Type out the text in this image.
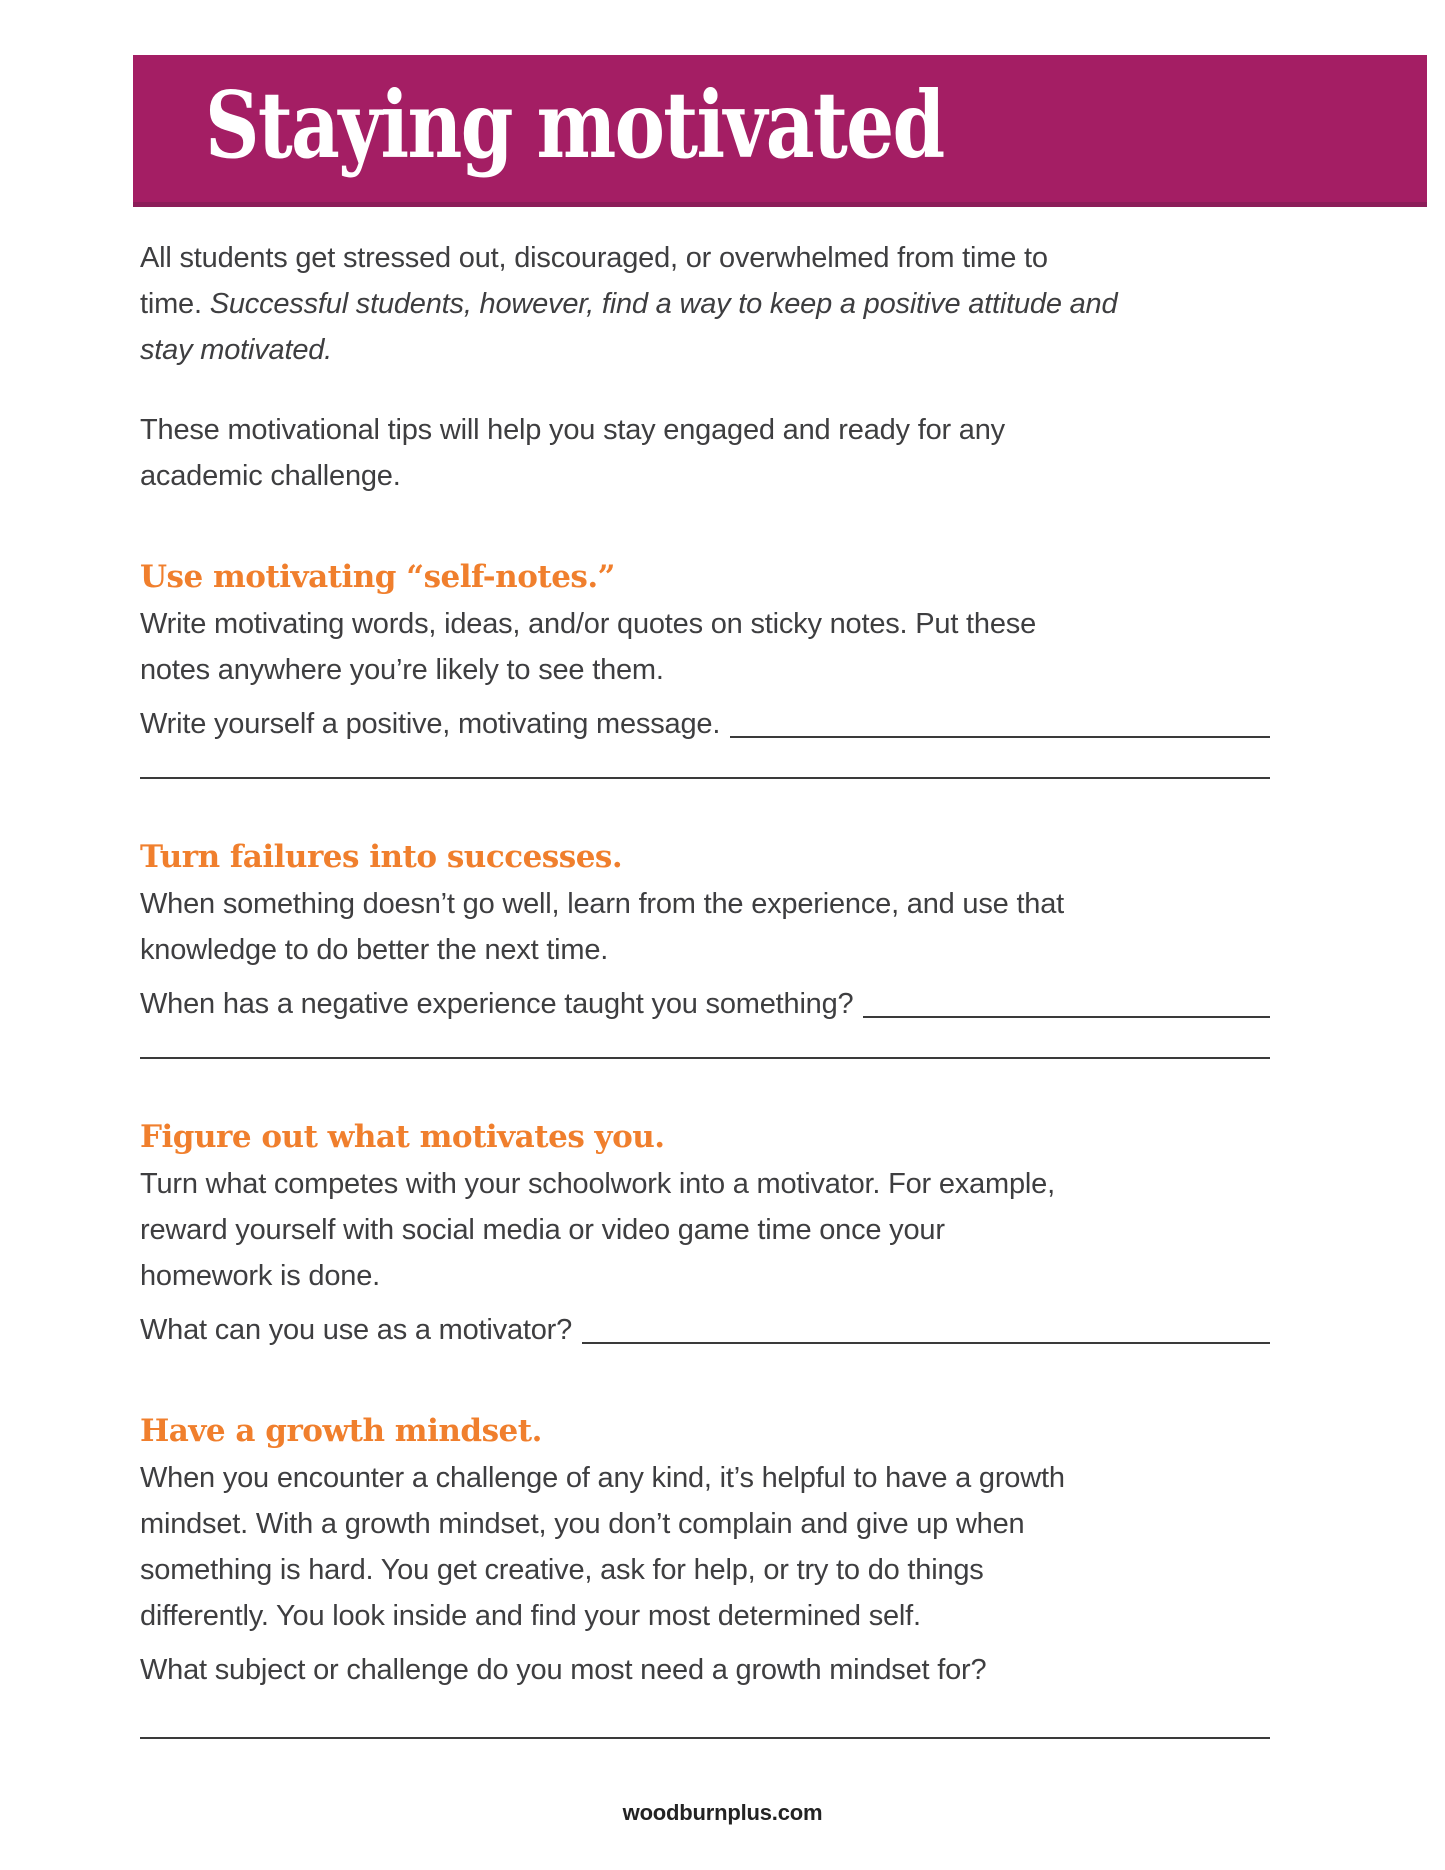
Staying motivated
All students get stressed out, discouraged, or overwhelmed from time to
time. Successful students, however, find a way to keep a positive attitude and
stay motivated.
These motivational tips will help you stay engaged and ready for any
academic challenge.
Use motivating “self-notes.”
Write motivating words, ideas, and/or quotes on sticky notes. Put these
notes anywhere you’re likely to see them.
Write yourself a positive, motivating message.
Turn failures into successes.
When something doesn’t go well, learn from the experience, and use that
knowledge to do better the next time.
When has a negative experience taught you something?
Figure out what motivates you.
Turn what competes with your schoolwork into a motivator. For example,
reward yourself with social media or video game time once your
homework is done.
What can you use as a motivator?
Have a growth mindset.
When you encounter a challenge of any kind, it’s helpful to have a growth
mindset. With a growth mindset, you don’t complain and give up when
something is hard. You get creative, ask for help, or try to do things
differently. You look inside and find your most determined self.
What subject or challenge do you most need a growth mindset for?
woodburnplus.com
